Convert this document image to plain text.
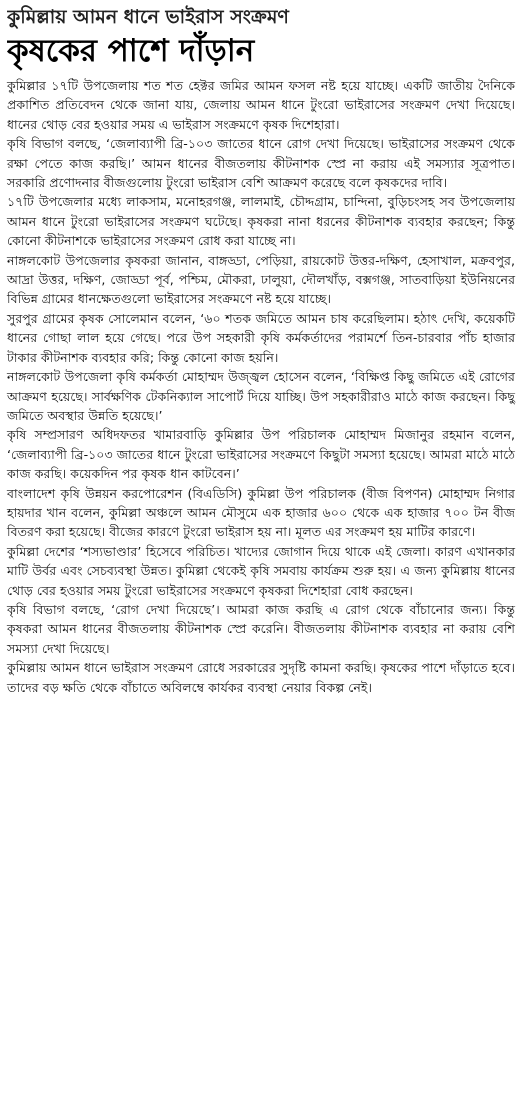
কুমিল্লায় আমন ধানে ভাইরাস সংক্রমণ
কৃষকের পাশে দাঁড়ান

কুমিল্লার ১৭টি উপজেলায় শত শত হেক্টর জমির আমন ফসল নষ্ট হয়ে যাচ্ছে। একটি জাতীয় দৈনিকে প্রকাশিত প্রতিবেদন থেকে জানা যায়, জেলায় আমন ধানে টুংরো ভাইরাসের সংক্রমণ দেখা দিয়েছে। ধানের থোড় বের হওয়ার সময় এ ভাইরাস সংক্রমণে কৃষক দিশেহারা।

কৃষি বিভাগ বলছে, ‘জেলাব্যাপী ব্রি-১০৩ জাতের ধানে রোগ দেখা দিয়েছে। ভাইরাসের সংক্রমণ থেকে রক্ষা পেতে কাজ করছি।’ আমন ধানের বীজতলায় কীটনাশক স্প্রে না করায় এই সমস্যার সূত্রপাত। সরকারি প্রণোদনার বীজগুলোয় টুংরো ভাইরাস বেশি আক্রমণ করেছে বলে কৃষকদের দাবি।

১৭টি উপজেলার মধ্যে লাকসাম, মনোহরগঞ্জ, লালমাই, চৌদ্দগ্রাম, চান্দিনা, বুড়িচংসহ সব উপজেলায় আমন ধানে টুংরো ভাইরাসের সংক্রমণ ঘটেছে। কৃষকরা নানা ধরনের কীটনাশক ব্যবহার করছেন; কিন্তু কোনো কীটনাশকে ভাইরাসের সংক্রমণ রোধ করা যাচ্ছে না।

নাঙ্গলকোট উপজেলার কৃষকরা জানান, বাঙ্গড্ডা, পেড়িয়া, রায়কোট উত্তর-দক্ষিণ, হেসাখাল, মক্রবপুর, আদ্রা উত্তর, দক্ষিণ, জোড্ডা পূর্ব, পশ্চিম, মৌকরা, ঢালুয়া, দৌলখাঁড়, বক্সগঞ্জ, সাতবাড়িয়া ইউনিয়নের বিভিন্ন গ্রামের ধানক্ষেতগুলো ভাইরাসের সংক্রমণে নষ্ট হয়ে যাচ্ছে।

সুরপুর গ্রামের কৃষক সোলেমান বলেন, ‘৬০ শতক জমিতে আমন চাষ করেছিলাম। হঠাৎ দেখি, কয়েকটি ধানের গোছা লাল হয়ে গেছে। পরে উপ সহকারী কৃষি কর্মকর্তাদের পরামর্শে তিন-চারবার পাঁচ হাজার টাকার কীটনাশক ব্যবহার করি; কিন্তু কোনো কাজ হয়নি।

নাঙ্গলকোট উপজেলা কৃষি কর্মকর্তা মোহাম্মদ উজ্জ্বল হোসেন বলেন, ‘বিক্ষিপ্ত কিছু জমিতে এই রোগের আক্রমণ হয়েছে। সার্বক্ষণিক টেকনিক্যাল সাপোর্ট দিয়ে যাচ্ছি। উপ সহকারীরাও মাঠে কাজ করছেন। কিছু জমিতে অবস্থার উন্নতি হয়েছে।’

কৃষি সম্প্রসারণ অধিদফতর খামারবাড়ি কুমিল্লার উপ পরিচালক মোহাম্মদ মিজানুর রহমান বলেন, ‘জেলাব্যাপী ব্রি-১০৩ জাতের ধানে টুংরো ভাইরাসের সংক্রমণে কিছুটা সমস্যা হয়েছে। আমরা মাঠে মাঠে কাজ করছি। কয়েকদিন পর কৃষক ধান কাটবেন।’

বাংলাদেশ কৃষি উন্নয়ন করপোরেশন (বিএডিসি) কুমিল্লা উপ পরিচালক (বীজ বিপণন) মোহাম্মদ নিগার হায়দার খান বলেন, কুমিল্লা অঞ্চলে আমন মৌসুমে এক হাজার ৬০০ থেকে এক হাজার ৭০০ টন বীজ বিতরণ করা হয়েছে। বীজের কারণে টুংরো ভাইরাস হয় না। মূলত এর সংক্রমণ হয় মাটির কারণে।

কুমিল্লা দেশের ‘শস্যভাণ্ডার’ হিসেবে পরিচিত। খাদ্যের জোগান দিয়ে থাকে এই জেলা। কারণ এখানকার মাটি উর্বর এবং সেচব্যবস্থা উন্নত। কুমিল্লা থেকেই কৃষি সমবায় কার্যক্রম শুরু হয়। এ জন্য কুমিল্লায় ধানের থোড় বের হওয়ার সময় টুংরো ভাইরাসের সংক্রমণে কৃষকরা দিশেহারা বোধ করছেন।

কৃষি বিভাগ বলছে, ‘রোগ দেখা দিয়েছে’। আমরা কাজ করছি এ রোগ থেকে বাঁচানোর জন্য। কিন্তু কৃষকরা আমন ধানের বীজতলায় কীটনাশক স্প্রে করেনি। বীজতলায় কীটনাশক ব্যবহার না করায় বেশি সমস্যা দেখা দিয়েছে।

কুমিল্লায় আমন ধানে ভাইরাস সংক্রমণ রোধে সরকারের সুদৃষ্টি কামনা করছি। কৃষকের পাশে দাঁড়াতে হবে। তাদের বড় ক্ষতি থেকে বাঁচাতে অবিলম্বে কার্যকর ব্যবস্থা নেয়ার বিকল্প নেই।
